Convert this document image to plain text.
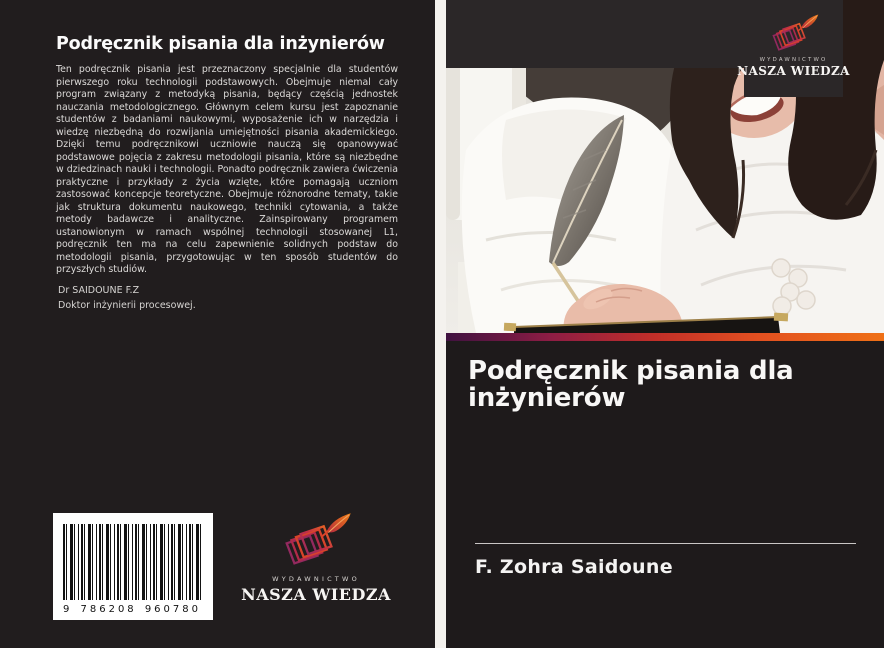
Podręcznik pisania dla inżynierów
Ten podręcznik pisania jest przeznaczony specjalnie dla studentów pierwszego roku technologii podstawowych. Obejmuje niemal cały program związany z metodyką pisania, będący częścią jednostek nauczania metodologicznego. Głównym celem kursu jest zapoznanie studentów z badaniami naukowymi, wyposażenie ich w narzędzia i wiedzę niezbędną do rozwijania umiejętności pisania akademickiego. Dzięki temu podręcznikowi uczniowie nauczą się opanowywać podstawowe pojęcia z zakresu metodologii pisania, które są niezbędne w dziedzinach nauki i technologii. Ponadto podręcznik zawiera ćwiczenia praktyczne i przykłady z życia wzięte, które pomagają uczniom zastosować koncepcje teoretyczne. Obejmuje różnorodne tematy, takie jak struktura dokumentu naukowego, techniki cytowania, a także metody badawcze i analityczne. Zainspirowany programem ustanowionym w ramach wspólnej technologii stosowanej L1, podręcznik ten ma na celu zapewnienie solidnych podstaw do metodologii pisania, przygotowując w ten sposób studentów do przyszłych studiów.
Dr SAIDOUNE F.Z
Doktor inżynierii procesowej.
9 786208 960780
WYDAWNICTWO
NASZA WIEDZA
WYDAWNICTWO
NASZA WIEDZA
Podręcznik pisania dla inżynierów
F. Zohra Saidoune
